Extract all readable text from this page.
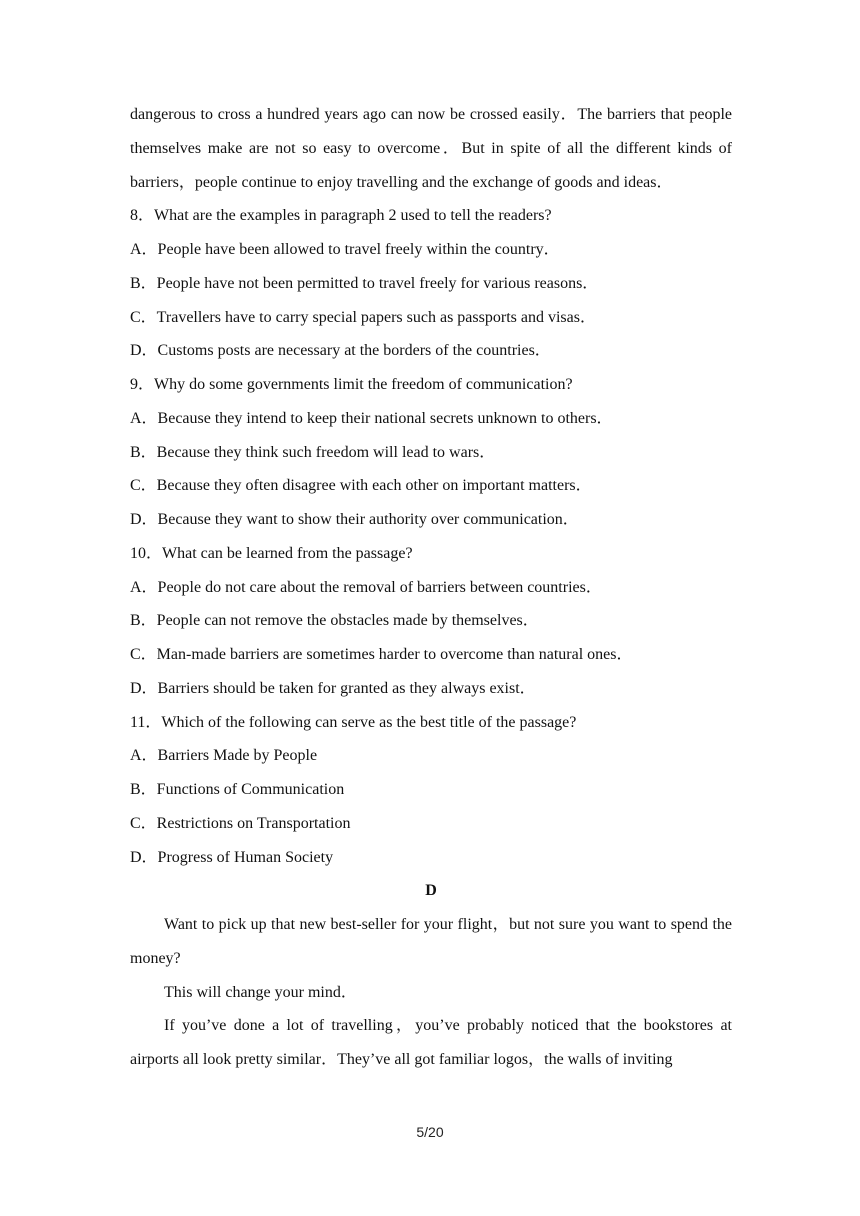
dangerous to cross a hundred years ago can now be crossed easily．The barriers that people themselves make are not so easy to overcome．But in spite of all the different kinds of barriers，people continue to enjoy travelling and the exchange of goods and ideas．

8．What are the examples in paragraph 2 used to tell the readers?

A．People have been allowed to travel freely within the country．

B．People have not been permitted to travel freely for various reasons．

C．Travellers have to carry special papers such as passports and visas．

D．Customs posts are necessary at the borders of the countries．

9．Why do some governments limit the freedom of communication?

A．Because they intend to keep their national secrets unknown to others．

B．Because they think such freedom will lead to wars．

C．Because they often disagree with each other on important matters．

D．Because they want to show their authority over communication．

10．What can be learned from the passage?

A．People do not care about the removal of barriers between countries．

B．People can not remove the obstacles made by themselves．

C．Man-made barriers are sometimes harder to overcome than natural ones．

D．Barriers should be taken for granted as they always exist．

11．Which of the following can serve as the best title of the passage?

A．Barriers Made by People

B．Functions of Communication

C．Restrictions on Transportation

D．Progress of Human Society

D

Want to pick up that new best-seller for your flight，but not sure you want to spend the money?

This will change your mind．

If you’ve done a lot of travelling，you’ve probably noticed that the bookstores at airports all look pretty similar．They’ve all got familiar logos，the walls of inviting

5/20
